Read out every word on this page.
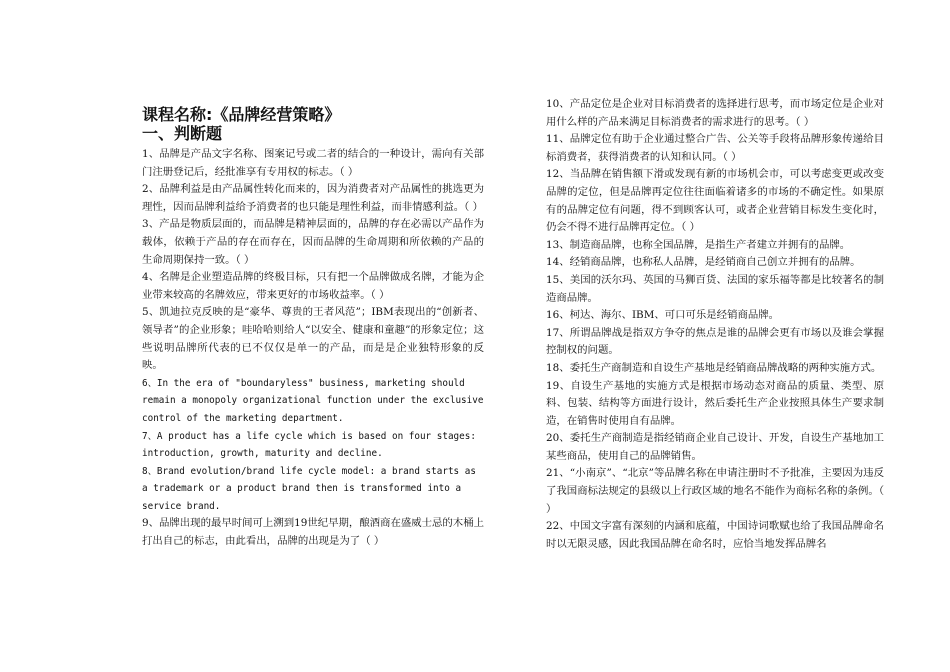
课程名称:《品牌经营策略》
一、判断题

1、品牌是产品文字名称、图案记号或二者的结合的一种设计，需向有关部门注册登记后，经批准享有专用权的标志。（ ）

2、品牌利益是由产品属性转化而来的，因为消费者对产品属性的挑选更为理性，因而品牌利益给予消费者的也只能是理性利益，而非情感利益。（ ）

3、产品是物质层面的，而品牌是精神层面的，品牌的存在必需以产品作为载体，依赖于产品的存在而存在，因而品牌的生命周期和所依赖的产品的生命周期保持一致。（ ）

4、名牌是企业塑造品牌的终极目标，只有把一个品牌做成名牌，才能为企业带来较高的名牌效应，带来更好的市场收益率。（ ）

5、凯迪拉克反映的是“豪华、尊贵的王者风范”；IBM表现出的“创新者、领导者”的企业形象；哇哈哈则给人“以安全、健康和童趣”的形象定位；这些说明品牌所代表的已不仅仅是单一的产品，而是是企业独特形象的反映。

6、In the era of "boundaryless" business, marketing should remain a monopoly organizational function under the exclusive control of the marketing department.

7、A product has a life cycle which is based on four stages: introduction, growth, maturity and decline.

8、Brand evolution/brand life cycle model: a brand starts as a trademark or a product brand then is transformed into a service brand.

9、品牌出现的最早时间可上溯到19世纪早期，酿酒商在盛威士忌的木桶上打出自己的标志，由此看出，品牌的出现是为了（ ）

10、产品定位是企业对目标消费者的选择进行思考，而市场定位是企业对用什么样的产品来满足目标消费者的需求进行的思考。（ ）

11、品牌定位有助于企业通过整合广告、公关等手段将品牌形象传递给目标消费者，获得消费者的认知和认同。（ ）

12、当品牌在销售额下滑或发现有新的市场机会市，可以考虑变更或改变品牌的定位，但是品牌再定位往往面临着诸多的市场的不确定性。如果原有的品牌定位有问题，得不到顾客认可，或者企业营销目标发生变化时，仍会不得不进行品牌再定位。（ ）

13、制造商品牌，也称全国品牌，是指生产者建立并拥有的品牌。

14、经销商品牌，也称私人品牌，是经销商自己创立并拥有的品牌。

15、美国的沃尔玛、英国的马狮百货、法国的家乐福等都是比较著名的制造商品牌。

16、柯达、海尔、IBM、可口可乐是经销商品牌。

17、所谓品牌战是指双方争夺的焦点是谁的品牌会更有市场以及谁会掌握控制权的问题。

18、委托生产商制造和自设生产基地是经销商品牌战略的两种实施方式。

19、自设生产基地的实施方式是根据市场动态对商品的质量、类型、原料、包装、结构等方面进行设计，然后委托生产企业按照具体生产要求制造，在销售时使用自有品牌。

20、委托生产商制造是指经销商企业自己设计、开发，自设生产基地加工某些商品，使用自己的品牌销售。

21、“小南京”、“北京”等品牌名称在申请注册时不予批准，主要因为违反了我国商标法规定的县级以上行政区域的地名不能作为商标名称的条例。（ ）

22、中国文字富有深刻的内涵和底蕴，中国诗词歌赋也给了我国品牌命名时以无限灵感，因此我国品牌在命名时，应恰当地发挥品牌名
